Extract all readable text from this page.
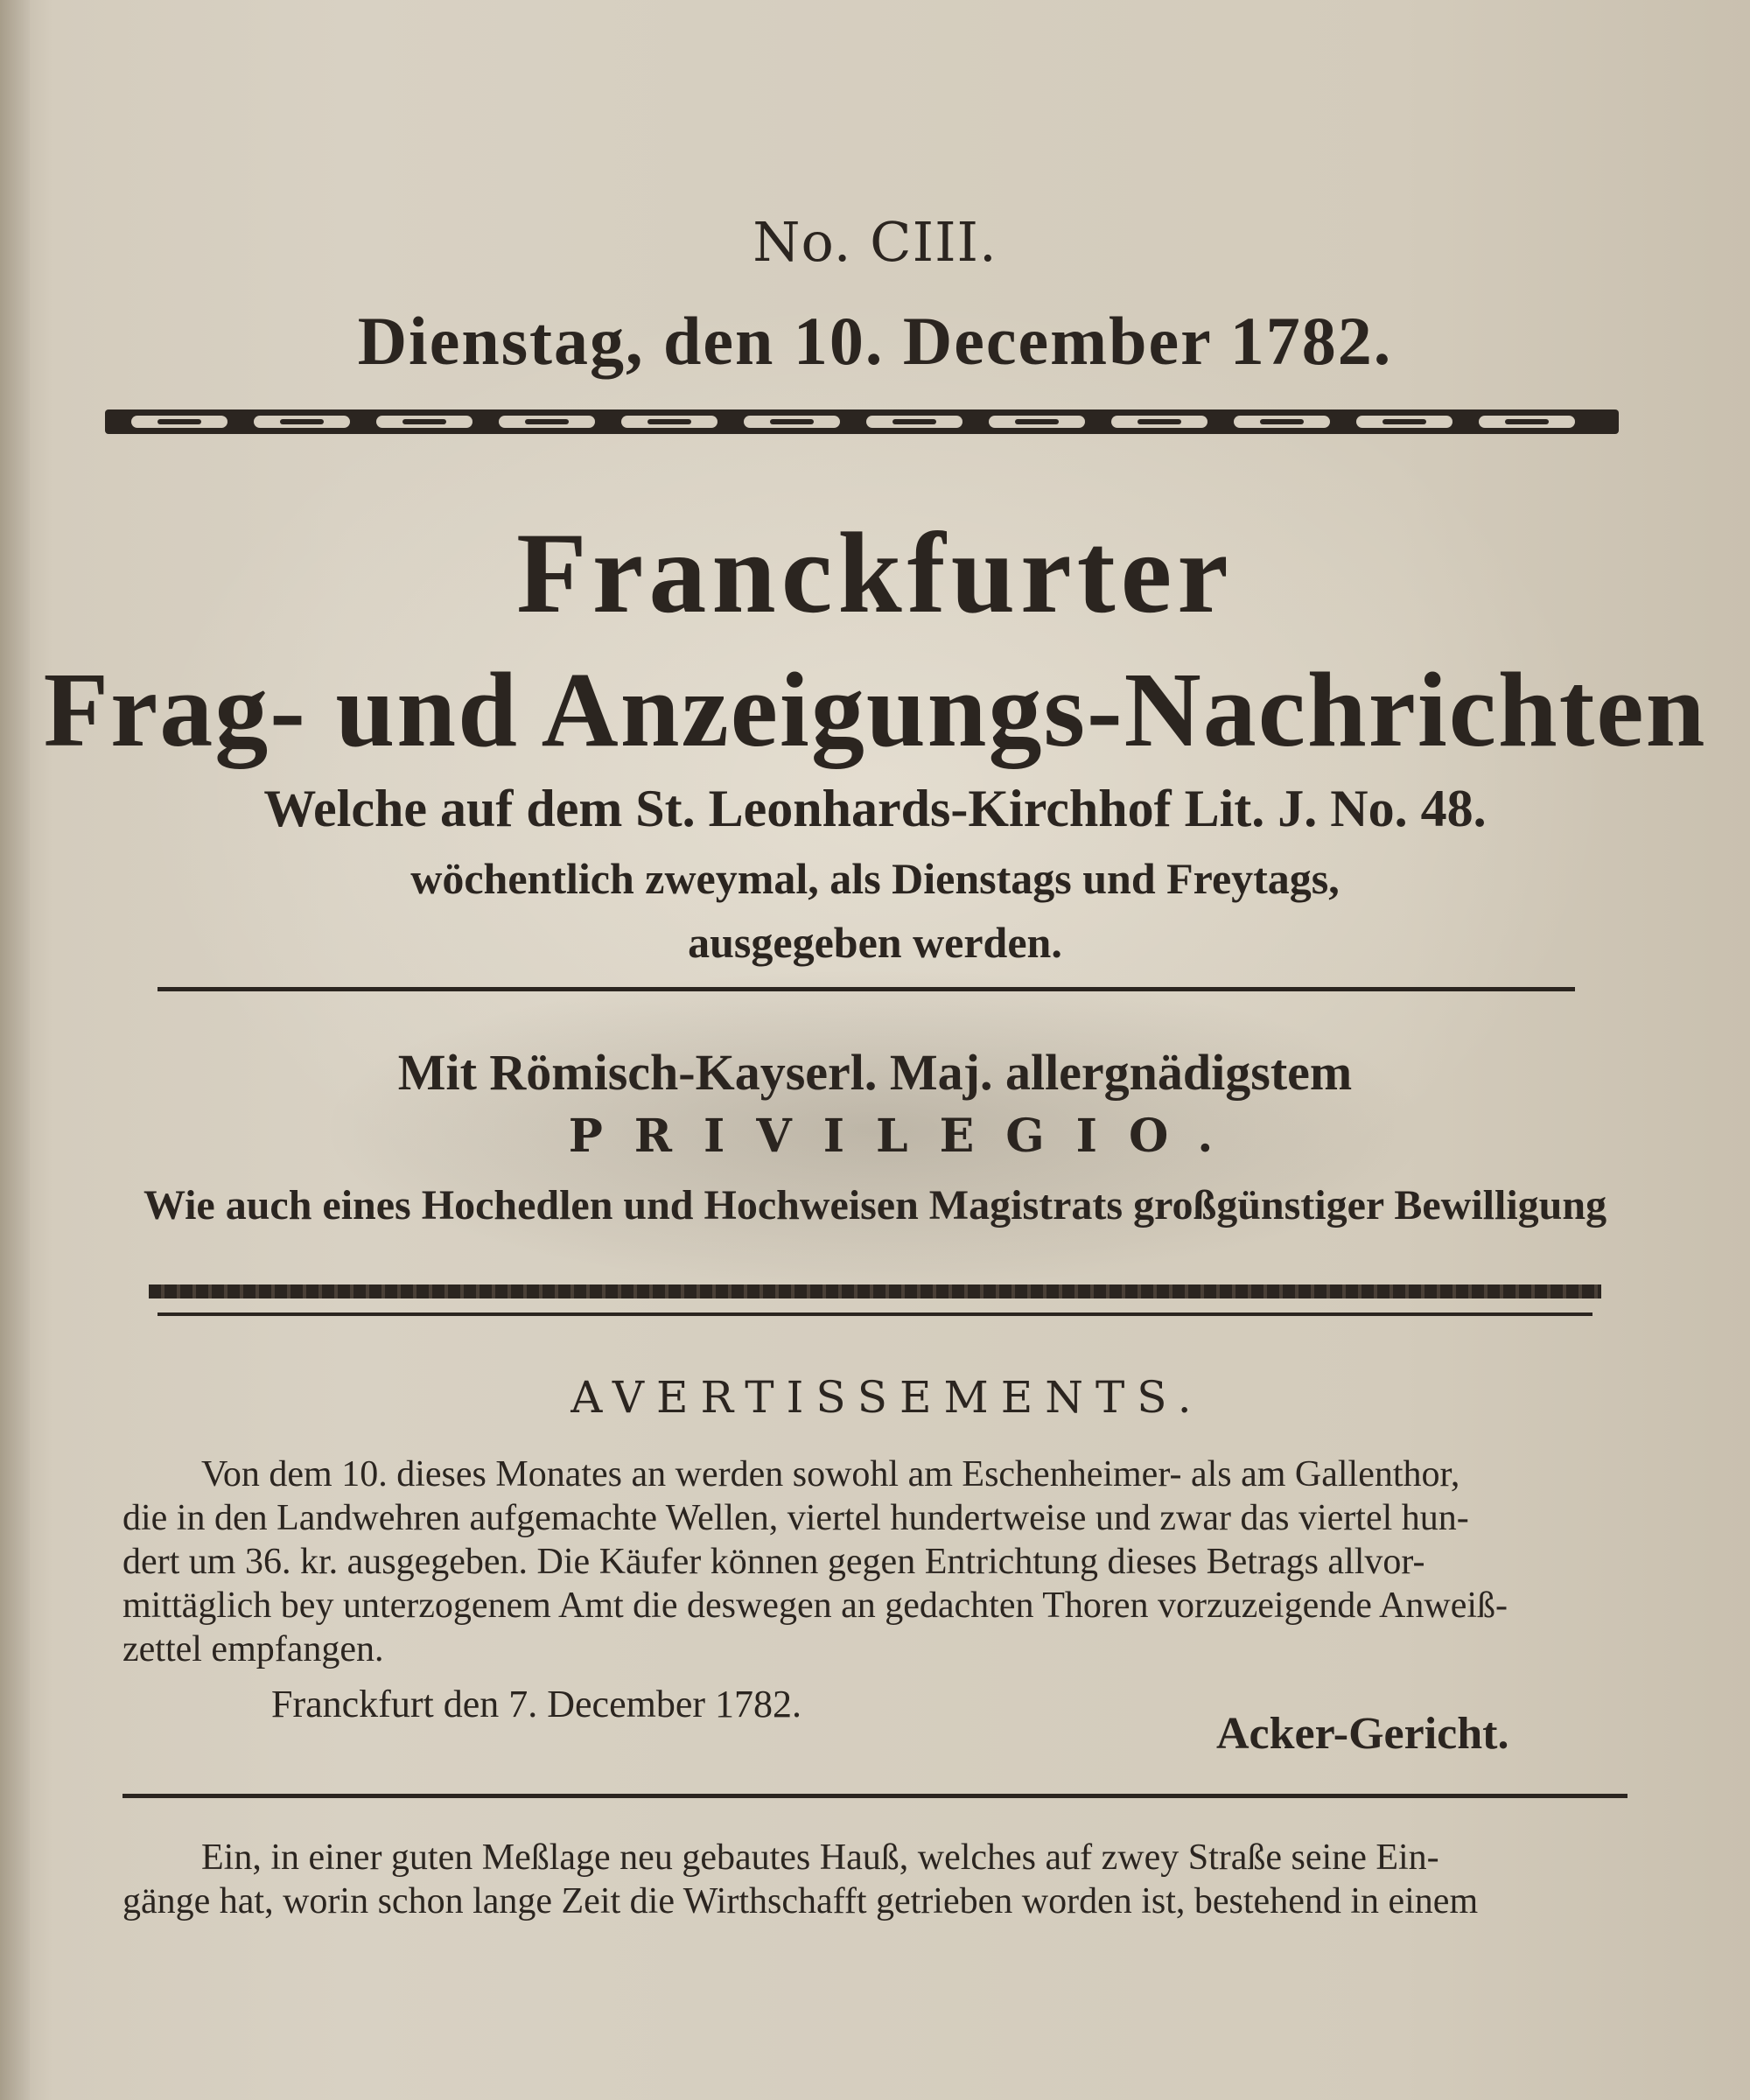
No. CIII.
Dienstag, den 10. December 1782.
Franckfurter
Frag- und Anzeigungs-Nachrichten
Welche auf dem St. Leonhards-Kirchhof Lit. J. No. 48.
wöchentlich zweymal, als Dienstags und Freytags,
ausgegeben werden.
Mit Römisch-Kayserl. Maj. allergnädigstem
PRIVILEGIO.
Wie auch eines Hochedlen und Hochweisen Magistrats großgünstiger Bewilligung
AVERTISSEMENTS.
Von dem 10. dieses Monates an werden sowohl am Eschenheimer- als am Gallenthor,
die in den Landwehren aufgemachte Wellen, viertel hundertweise und zwar das viertel hun-
dert um 36. kr. ausgegeben. Die Käufer können gegen Entrichtung dieses Betrags allvor-
mittäglich bey unterzogenem Amt die deswegen an gedachten Thoren vorzuzeigende Anweiß-
zettel empfangen.
Franckfurt den 7. December 1782.
Acker-Gericht.
Ein, in einer guten Meßlage neu gebautes Hauß, welches auf zwey Straße seine Ein-
gänge hat, worin schon lange Zeit die Wirthschafft getrieben worden ist, bestehend in einem
